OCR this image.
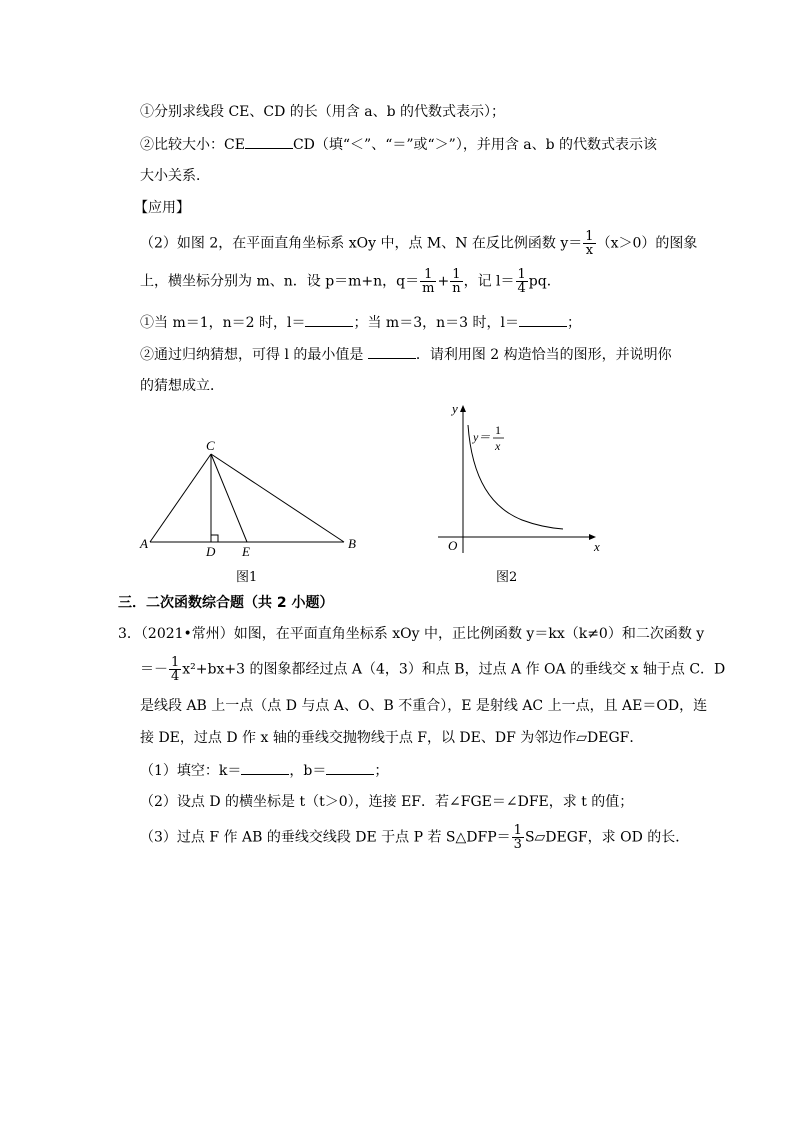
①分别求线段 CE、CD 的长（用含 a、b 的代数式表示）；
②比较大小：CE	CD（填“＜”、“＝”或“＞”），并用含 a、b 的代数式表示该
大小关系．
【应用】
（2）如图 2，在平面直角坐标系 xOy 中，点 M、N 在反比例函数 $y= \frac{1}{x} (x>0)$的图象
上，横坐标分别为 m、n．设 p＝m+n，$q= \frac{1}{m} + \frac{1}{n}$ ，记 $l= \frac{1}{4}$ pq．
①当 m＝1，n＝2 时，l＝	；当 m＝3，n＝3 时，l＝	；
②通过归纳猜想，可得 l 的最小值是	．请利用图 2 构造恰当的图形，并说明你
的猜想成立．
C
A	B
D E
图1
y
x
O
y＝ 1
x
图2
三．二次函数综合题（共 2 小题）
3．（2021•常州）如图，在平面直角坐标系 xOy 中，正比例函数 y＝kx（k≠0）和二次函数 y
＝－ $\frac{1}{4} x^2+bx+3$ 的图象都经过点 A（4，3）和点 B，过点 A 作 OA 的垂线交 x 轴于点 C．D
是线段 AB 上一点（点 D 与点 A、O、B 不重合），E 是射线 AC 上一点，且 AE＝OD，连
接 DE，过点 D 作 x 轴的垂线交抛物线于点 F，以 DE、DF 为邻边作▱DEGF．
（1）填空：k＝	，b＝	；
（2）设点 D 的横坐标是 t（t＞0），连接 EF．若∠FGE＝∠DFE，求 t 的值；
（3）过点 F 作 AB 的垂线交线段 DE 于点 P 若 S△DFP＝ $\frac{1}{3}$ S▱DEGF，求 OD 的长．
